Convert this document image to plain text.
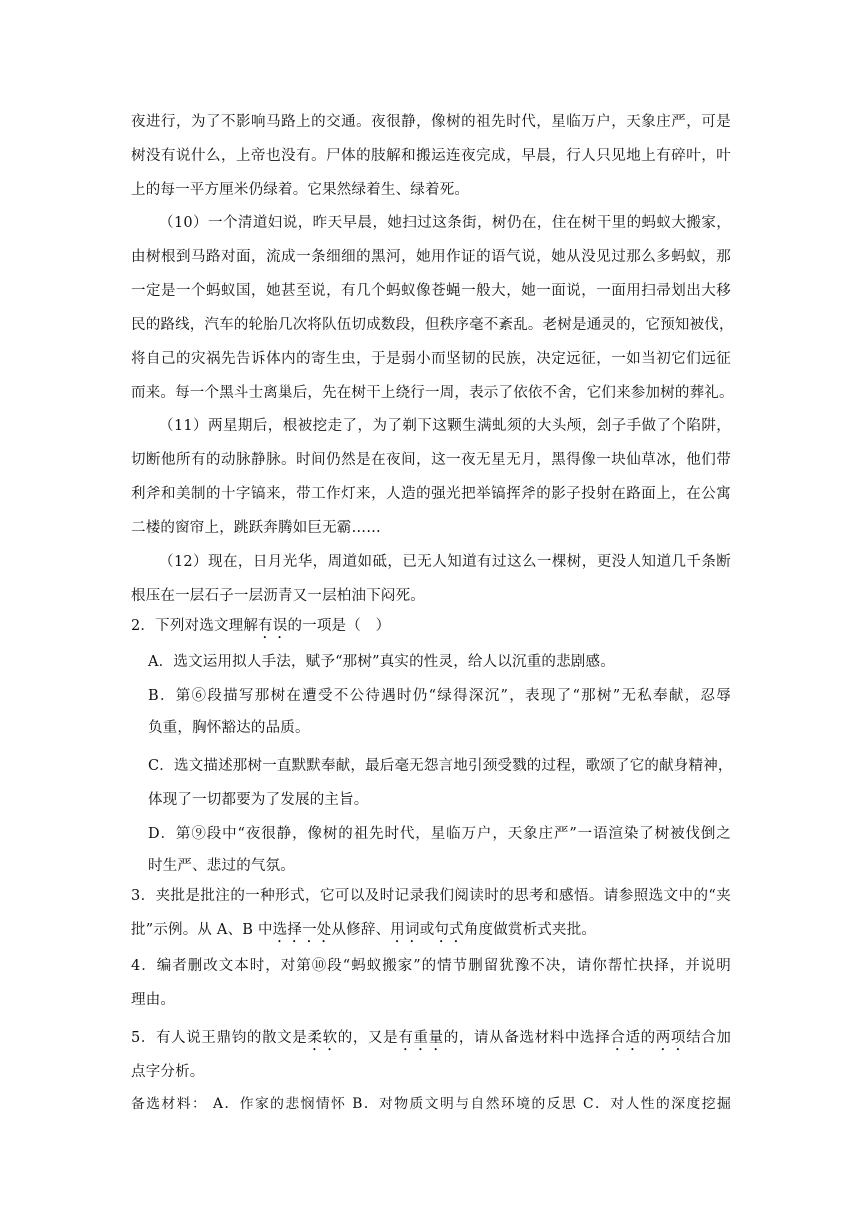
夜进行，为了不影响马路上的交通。夜很静，像树的祖先时代，星临万户，天象庄严，可是
树没有说什么，上帝也没有。尸体的肢解和搬运连夜完成，早晨，行人只见地上有碎叶，叶
上的每一平方厘米仍绿着。它果然绿着生、绿着死。
（10）一个清道妇说，昨天早晨，她扫过这条街，树仍在，住在树干里的蚂蚁大搬家，
由树根到马路对面，流成一条细细的黑河，她用作证的语气说，她从没见过那么多蚂蚁，那
一定是一个蚂蚁国，她甚至说，有几个蚂蚁像苍蝇一般大，她一面说，一面用扫帚划出大移
民的路线，汽车的轮胎几次将队伍切成数段，但秩序毫不紊乱。老树是通灵的，它预知被伐，
将自己的灾祸先告诉体内的寄生虫，于是弱小而坚韧的民族，决定远征，一如当初它们远征
而来。每一个黑斗士离巢后，先在树干上绕行一周，表示了依依不舍，它们来参加树的葬礼。
（11）两星期后，根被挖走了，为了剃下这颗生满虬须的大头颅，刽子手做了个陷阱，
切断他所有的动脉静脉。时间仍然是在夜间，这一夜无星无月，黑得像一块仙草冰，他们带
利斧和美制的十字镐来，带工作灯来，人造的强光把举镐挥斧的影子投射在路面上，在公寓
二楼的窗帘上，跳跃奔腾如巨无霸……
（12）现在，日月光华，周道如砥，已无人知道有过这么一棵树，更没人知道几千条断
根压在一层石子一层沥青又一层柏油下闷死。
2．下列对选文理解有误的一项是（　）
A．选文运用拟人手法，赋予“那树”真实的性灵，给人以沉重的悲剧感。
B．第⑥段描写那树在遭受不公待遇时仍“绿得深沉”，表现了“那树”无私奉献，忍辱
负重，胸怀豁达的品质。
C．选文描述那树一直默默奉献，最后毫无怨言地引颈受戮的过程，歌颂了它的献身精神，
体现了一切都要为了发展的主旨。
D．第⑨段中“夜很静，像树的祖先时代，星临万户，天象庄严”一语渲染了树被伐倒之
时生严、悲过的气氛。
3．夹批是批注的一种形式，它可以及时记录我们阅读时的思考和感悟。请参照选文中的“夹
批”示例。从 A、B 中选择一处从修辞、用词或句式角度做赏析式夹批。
4．编者删改文本时，对第⑩段“蚂蚁搬家”的情节删留犹豫不决，请你帮忙抉择，并说明
理由。
5．有人说王鼎钧的散文是柔软的，又是有重量的，请从备选材料中选择合适的两项结合加
点字分析。
备选材料： A．作家的悲悯情怀 B．对物质文明与自然环境的反思 C．对人性的深度挖掘
